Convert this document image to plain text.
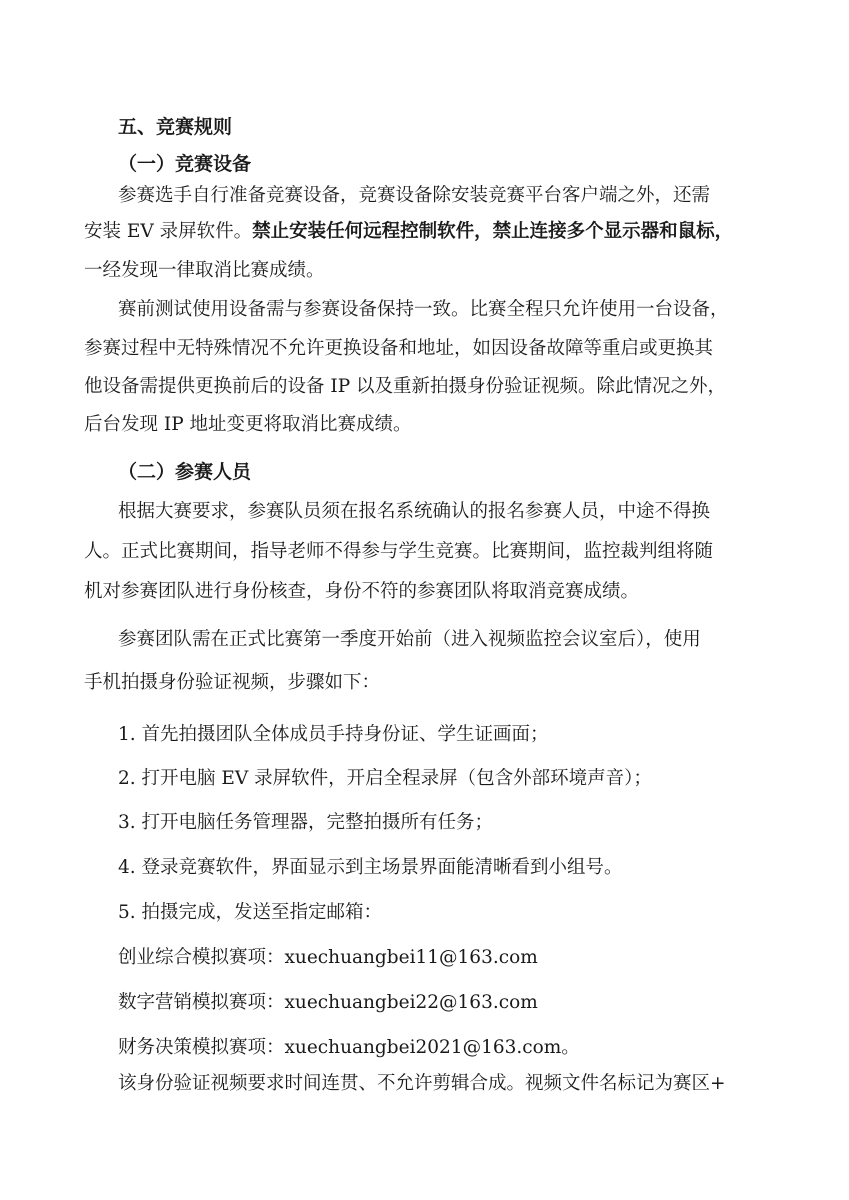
五、竞赛规则
（一）竞赛设备
参赛选手自行准备竞赛设备，竞赛设备除安装竞赛平台客户端之外，还需
安装 EV 录屏软件。禁止安装任何远程控制软件，禁止连接多个显示器和鼠标，
一经发现一律取消比赛成绩。
赛前测试使用设备需与参赛设备保持一致。比赛全程只允许使用一台设备，
参赛过程中无特殊情况不允许更换设备和地址，如因设备故障等重启或更换其
他设备需提供更换前后的设备 IP 以及重新拍摄身份验证视频。除此情况之外，
后台发现 IP 地址变更将取消比赛成绩。
（二）参赛人员
根据大赛要求，参赛队员须在报名系统确认的报名参赛人员，中途不得换
人。正式比赛期间，指导老师不得参与学生竞赛。比赛期间，监控裁判组将随
机对参赛团队进行身份核查，身份不符的参赛团队将取消竞赛成绩。
参赛团队需在正式比赛第一季度开始前（进入视频监控会议室后），使用
手机拍摄身份验证视频，步骤如下：
1. 首先拍摄团队全体成员手持身份证、学生证画面；
2. 打开电脑 EV 录屏软件，开启全程录屏（包含外部环境声音）；
3. 打开电脑任务管理器，完整拍摄所有任务；
4. 登录竞赛软件，界面显示到主场景界面能清晰看到小组号。
5. 拍摄完成，发送至指定邮箱：
创业综合模拟赛项：xuechuangbei11@163.com
数字营销模拟赛项：xuechuangbei22@163.com
财务决策模拟赛项：xuechuangbei2021@163.com。
该身份验证视频要求时间连贯、不允许剪辑合成。视频文件名标记为赛区+
